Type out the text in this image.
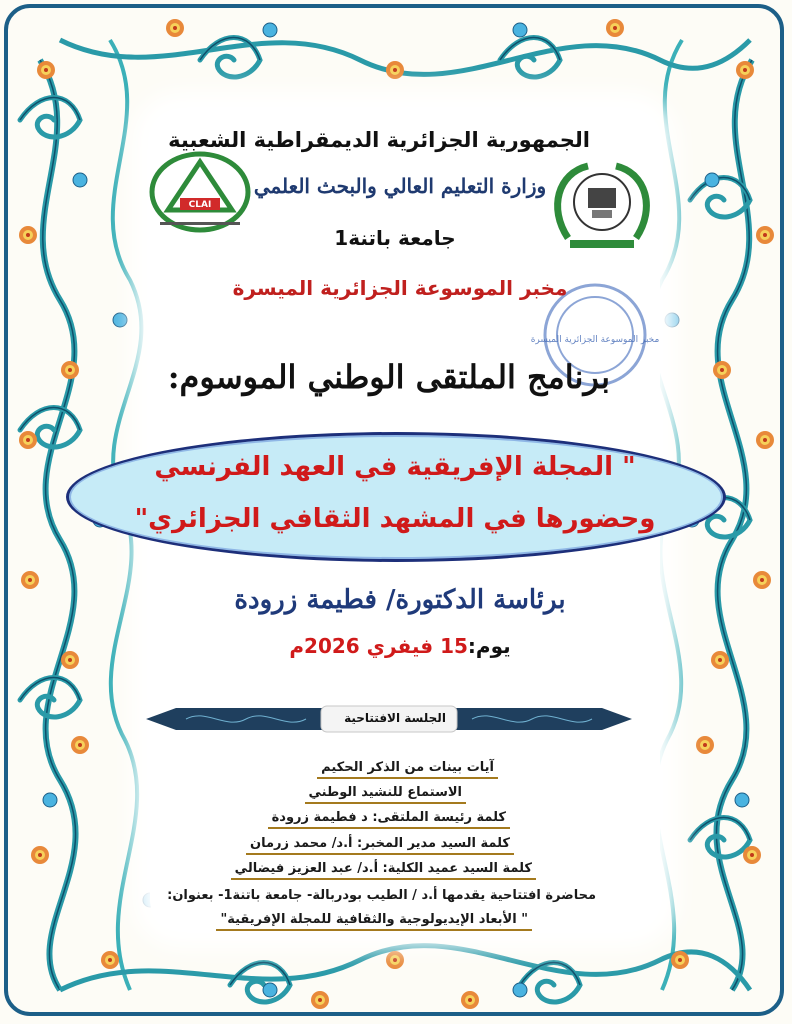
CLAI
مخبر الموسوعة الجزائرية الميسرة
الجمهورية الجزائرية الديمقراطية الشعبية
وزارة التعليم العالي والبحث العلمي
جامعة باتنة1
مخبر الموسوعة الجزائرية الميسرة
برنامج الملتقى الوطني الموسوم:
" المجلة الإفريقية في العهد الفرنسي
وحضورها في المشهد الثقافي الجزائري"
برئاسة الدكتورة/ فطيمة زرودة
يوم:15 فيفري 2026م
الجلسة الافتتاحية
آيات بينات من الذكر الحكيم
الاستماع للنشيد الوطني
كلمة رئيسة الملتقى: د فطيمة زرودة
كلمة السيد مدير المخبر: أ.د/ محمد زرمان
كلمة السيد عميد الكلية: أ.د/ عبد العزيز فيضالي
محاضرة افتتاحية يقدمها أ.د / الطيب بودربالة- جامعة باتنة1- بعنوان:
" الأبعاد الإيديولوجية والثقافية للمجلة الإفريقية"
